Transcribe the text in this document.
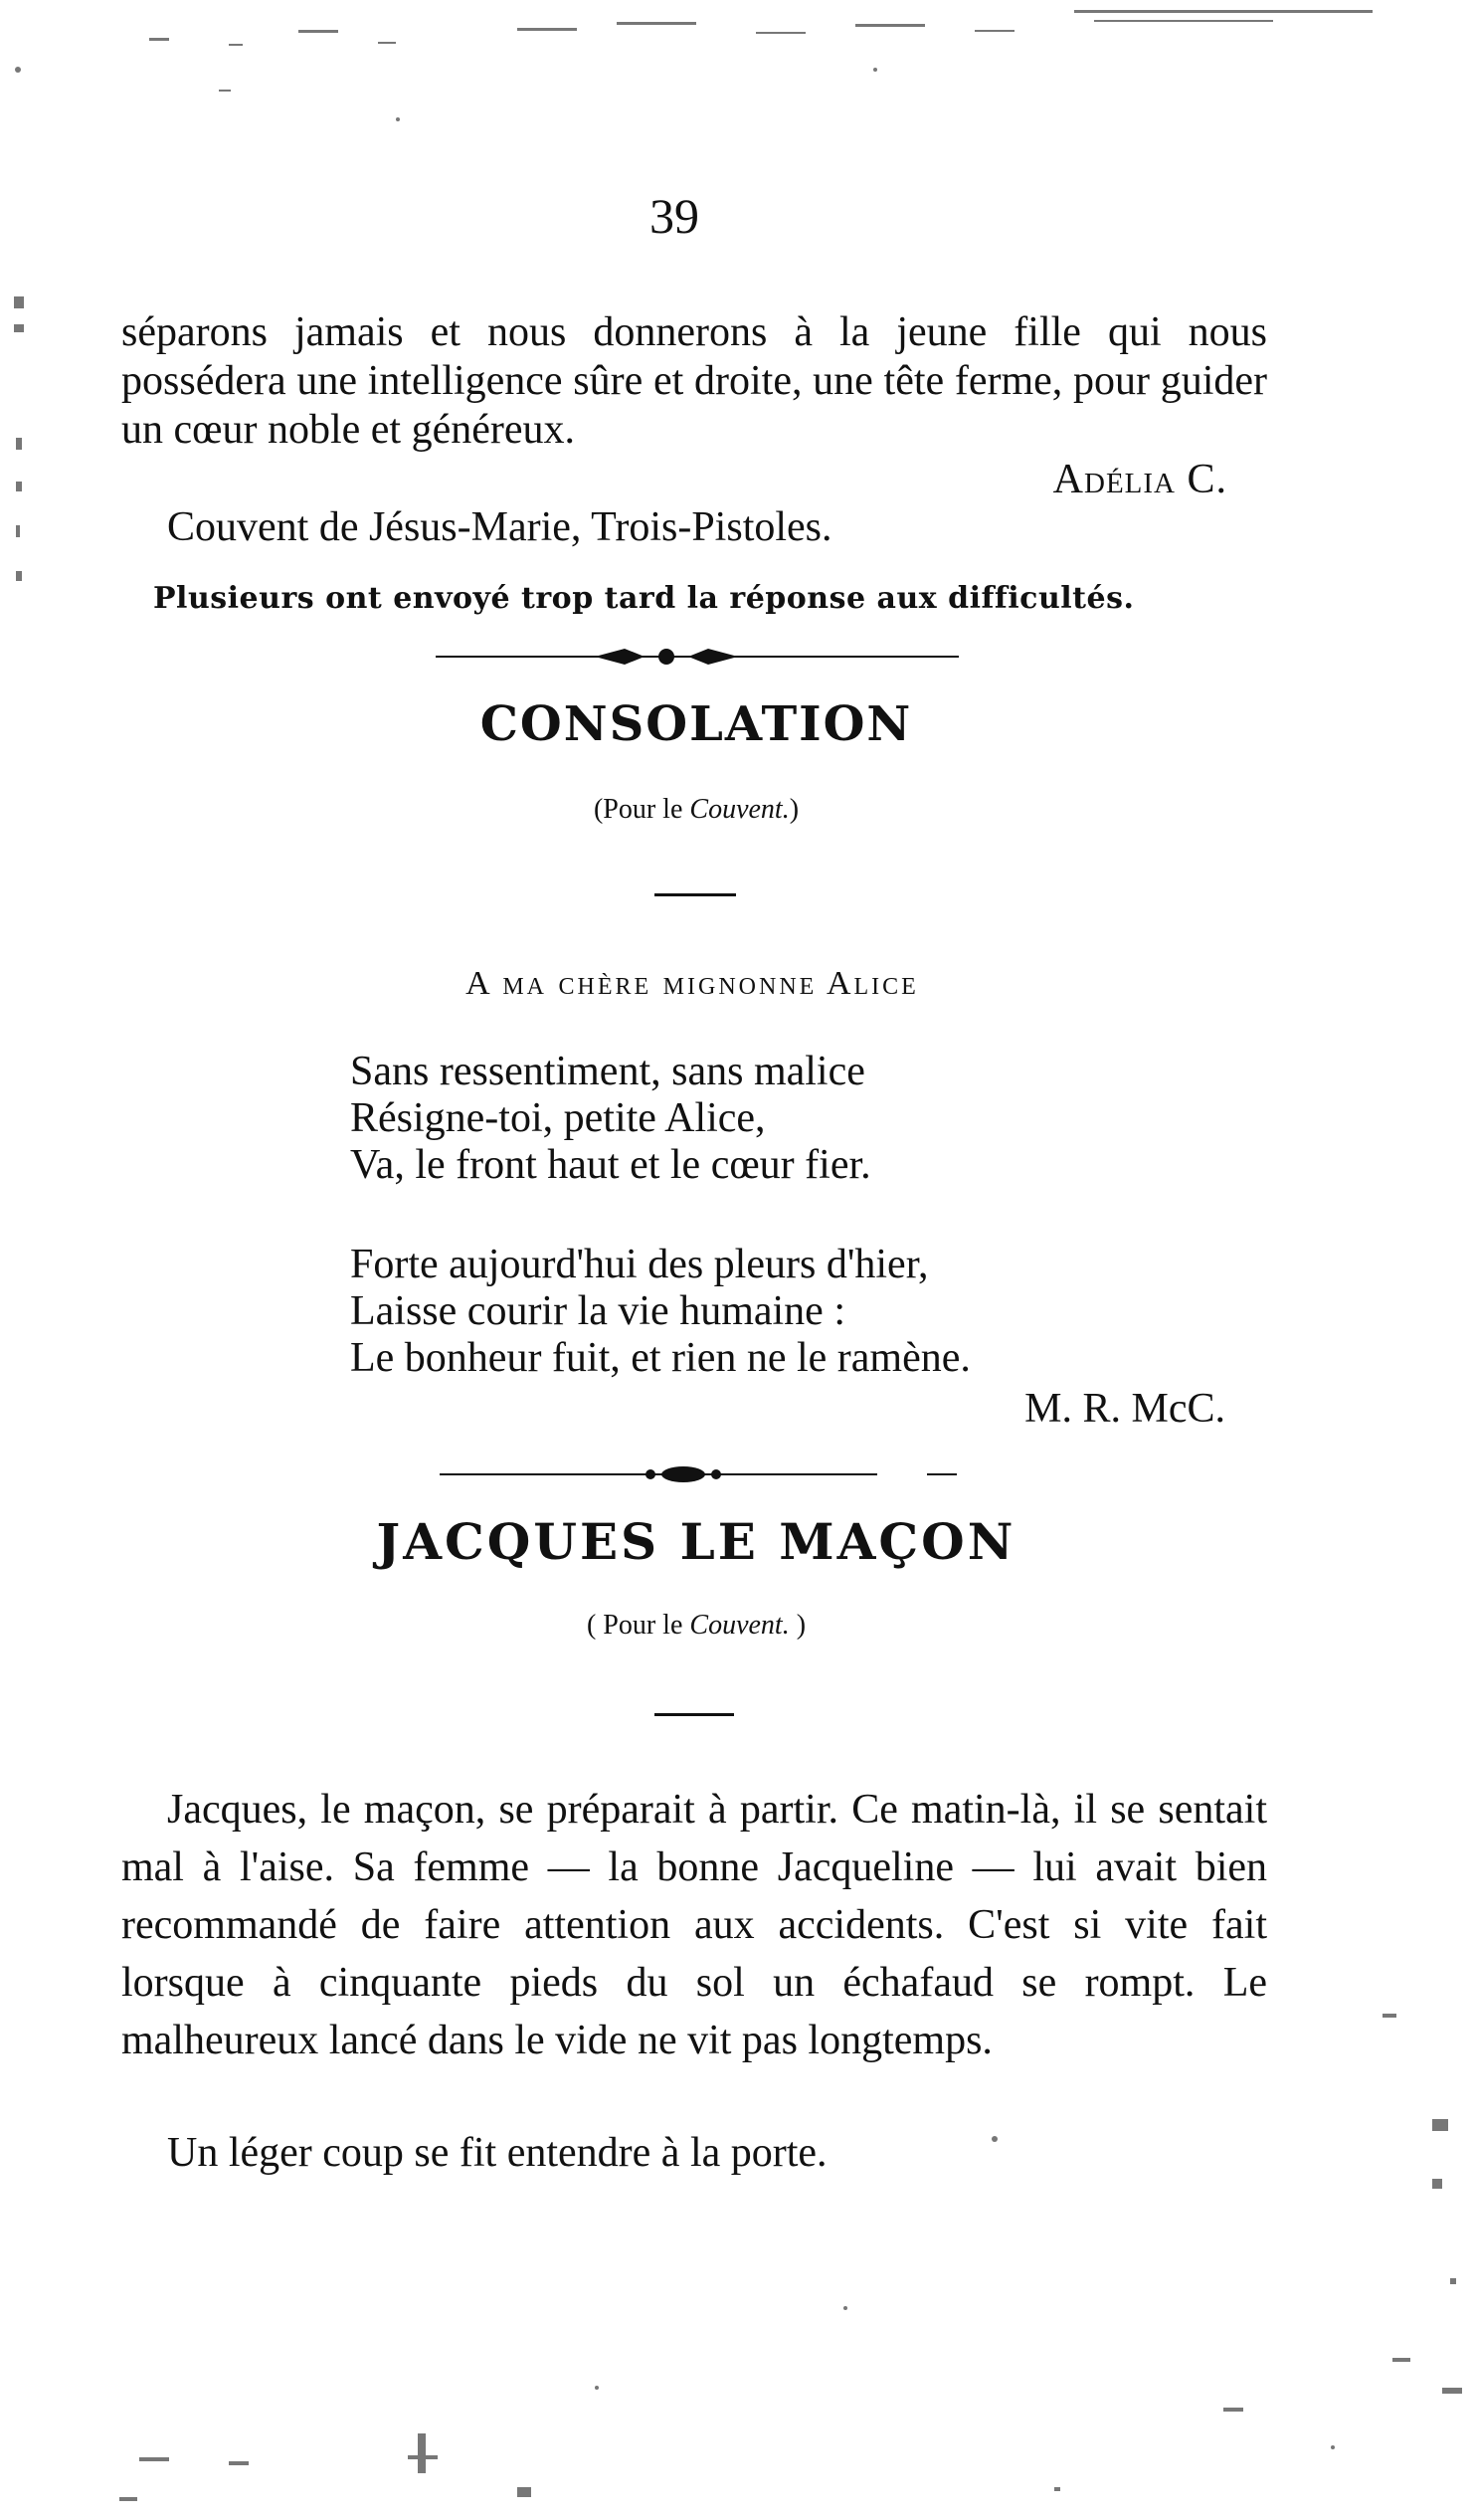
39

séparons jamais et nous donnerons à la jeune fille qui nous possédera une intelligence sûre et droite, une tête ferme, pour guider un cœur noble et généreux.

Adélia C.
Couvent de Jésus-Marie, Trois-Pistoles.
Plusieurs ont envoyé trop tard la réponse aux difficultés.
CONSOLATION
(Pour le Couvent.)
A ma chère mignonne Alice
Sans ressentiment, sans malice
Résigne-toi, petite Alice,
Va, le front haut et le cœur fier.
Forte aujourd'hui des pleurs d'hier,
Laisse courir la vie humaine :
Le bonheur fuit, et rien ne le ramène.
M. R. McC.
JACQUES LE MAÇON
( Pour le Couvent. )

Jacques, le maçon, se préparait à partir. Ce matin-là, il se sentait mal à l'aise. Sa femme — la bonne Jacqueline — lui avait bien recommandé de faire attention aux accidents. C'est si vite fait lorsque à cinquante pieds du sol un échafaud se rompt. Le malheureux lancé dans le vide ne vit pas longtemps.

Un léger coup se fit entendre à la porte.
